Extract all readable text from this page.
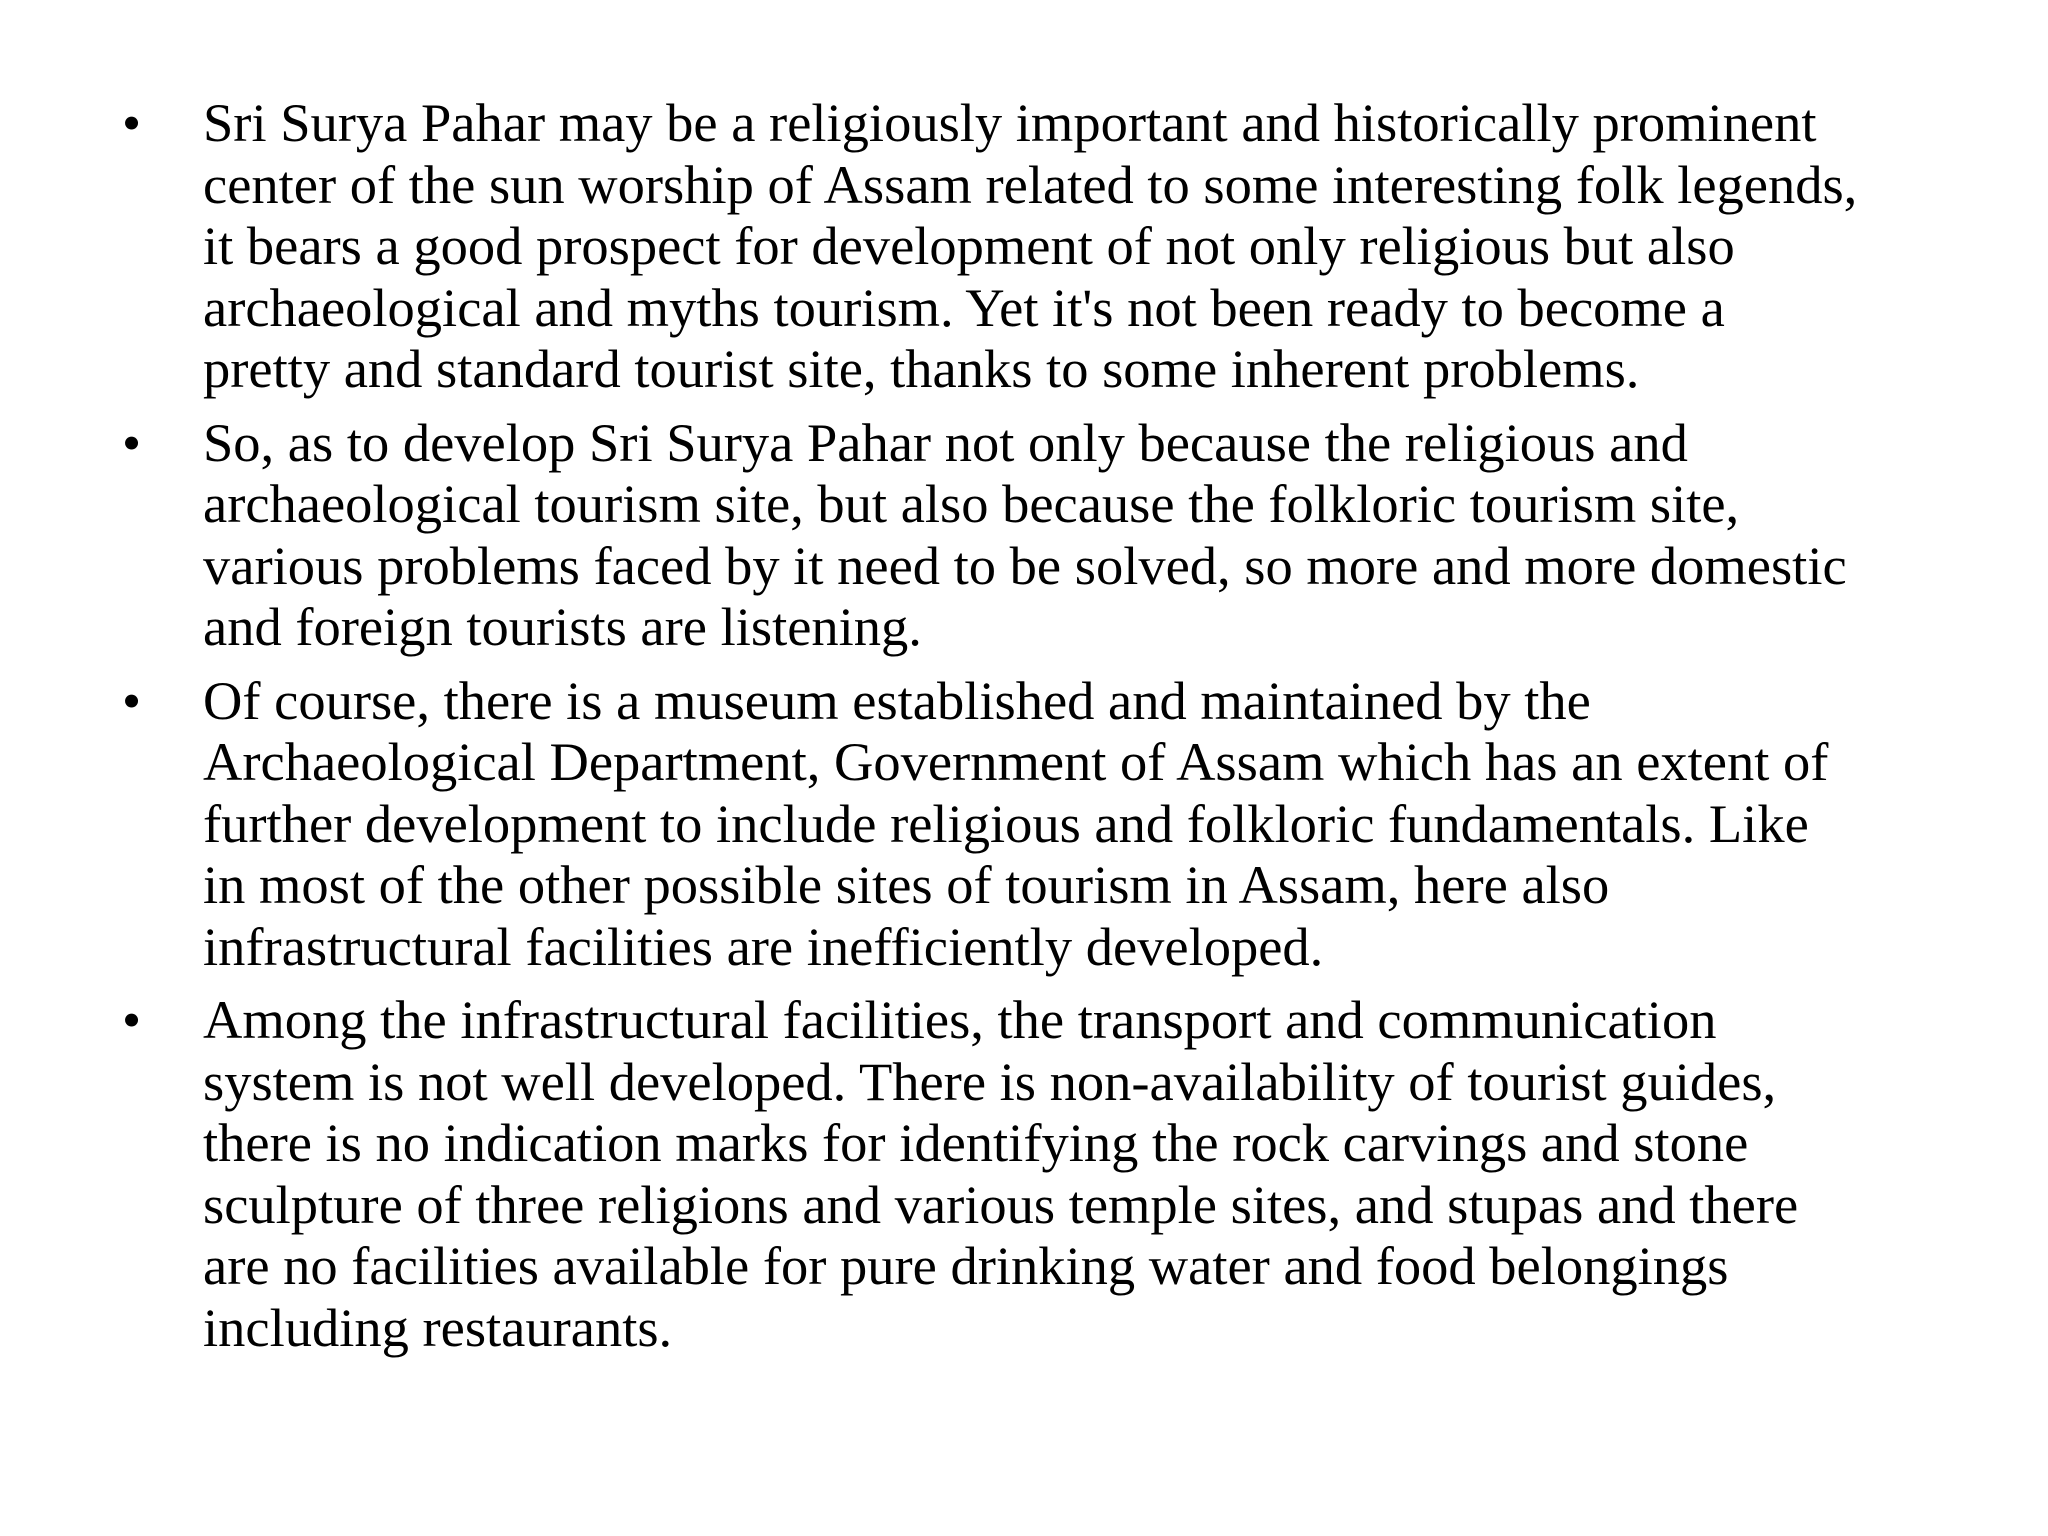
•	Sri Surya Pahar may be a religiously important and historically prominent
center of the sun worship of Assam related to some interesting folk legends,
it bears a good prospect for development of not only religious but also
archaeological and myths tourism. Yet it's not been ready to become a
pretty and standard tourist site, thanks to some inherent problems.
•	So, as to develop Sri Surya Pahar not only because the religious and
archaeological tourism site, but also because the folkloric tourism site,
various problems faced by it need to be solved, so more and more domestic
and foreign tourists are listening.
•	Of course, there is a museum established and maintained by the
Archaeological Department, Government of Assam which has an extent of
further development to include religious and folkloric fundamentals. Like
in most of the other possible sites of tourism in Assam, here also
infrastructural facilities are inefficiently developed.
•	Among the infrastructural facilities, the transport and communication
system is not well developed. There is non-availability of tourist guides,
there is no indication marks for identifying the rock carvings and stone
sculpture of three religions and various temple sites, and stupas and there
are no facilities available for pure drinking water and food belongings
including restaurants.
